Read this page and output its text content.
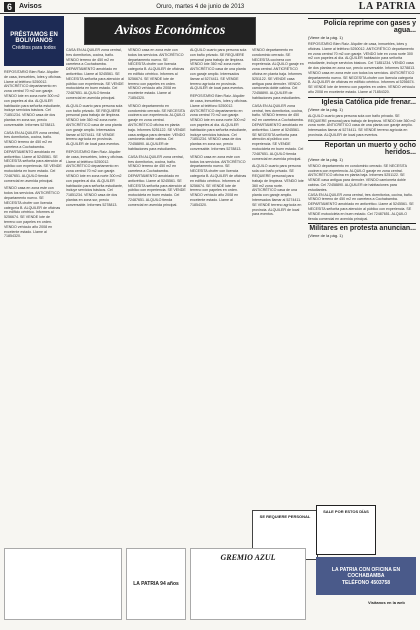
6	Avisos	Oruro, martes 4 de junio de 2013	LA PATRIA
PRÉSTAMOS EN BOLIVIANOS
Créditos para todos
Avisos Económicos

REPOSITARIO Bien Raíz. Alquiler de casa, inmuebles, lotes y oficinas. Llame al teléfono 5250012. ANTICRÉTICO departamento en zona central 70 m2 con garaje. VENDO lote en zona norte 300 m2 con papeles al día. ALQUILER habitación para señorita estudiante, incluye servicios básicos. Cel 71851234. VENDO casa de dos plantas en zona sur, precio conversable. Informes 5278813.

CASA EN ALQUILER zona central, tres dormitorios, cocina, baño. VENDO terreno de 450 m2 en carretera a Cochabamba. DEPARTAMENTO amoblado en anticrético. Llame al 5245561. SE NECESITA señorita para atención al público con experiencia. SE VENDE motocicleta en buen estado. Cel 72487651. ALQUILO tienda comercial en avenida principal.

VENDO casa en zona este con todos los servicios. ANTICRÉTICO departamento nuevo. SE NECESITA chofer con licencia categoría B. ALQUILER de oficinas en edificio céntrico. Informes al 5256674. SE VENDE lote de terreno con papeles en orden. VENDO vehículo año 2008 en excelente estado. Llame al 71854320.

CASA EN ALQUILER zona central, tres dormitorios, cocina, baño. VENDO terreno de 450 m2 en carretera a Cochabamba. DEPARTAMENTO amoblado en anticrético. Llame al 5245561. SE NECESITA señorita para atención al público con experiencia. SE VENDE motocicleta en buen estado. Cel 72487651. ALQUILO tienda comercial en avenida principal.

ALQUILO cuarto para persona sola con baño privado. SE REQUIERE personal para trabajo de limpieza. VENDO lote 360 m2 zona norte. ANTICRÉTICO casa de una planta con garaje amplio. Interesados llamar al 5274411. SE VENDE terreno agrícola en provincia. ALQUILER de local para eventos.

REPOSITARIO Bien Raíz. Alquiler de casa, inmuebles, lotes y oficinas. Llame al teléfono 5250012. ANTICRÉTICO departamento en zona central 70 m2 con garaje. VENDO lote en zona norte 300 m2 con papeles al día. ALQUILER habitación para señorita estudiante, incluye servicios básicos. Cel 71851234. VENDO casa de dos plantas en zona sur, precio conversable. Informes 5278813.

VENDO casa en zona este con todos los servicios. ANTICRÉTICO departamento nuevo. SE NECESITA chofer con licencia categoría B. ALQUILER de oficinas en edificio céntrico. Informes al 5256674. SE VENDE lote de terreno con papeles en orden. VENDO vehículo año 2008 en excelente estado. Llame al 71854320.

VENDO departamento en condominio cerrado. SE NECESITA cocinera con experiencia. ALQUILO garaje en zona central. ANTICRÉTICO oficina en planta baja. Informes 5251122. SE VENDE casa antigua para demoler. VENDO camioneta doble cabina. Cel 72458890. ALQUILER de habitaciones para estudiantes.

CASA EN ALQUILER zona central, tres dormitorios, cocina, baño. VENDO terreno de 450 m2 en carretera a Cochabamba. DEPARTAMENTO amoblado en anticrético. Llame al 5245561. SE NECESITA señorita para atención al público con experiencia. SE VENDE motocicleta en buen estado. Cel 72487651. ALQUILO tienda comercial en avenida principal.

ALQUILO cuarto para persona sola con baño privado. SE REQUIERE personal para trabajo de limpieza. VENDO lote 360 m2 zona norte. ANTICRÉTICO casa de una planta con garaje amplio. Interesados llamar al 5274411. SE VENDE terreno agrícola en provincia. ALQUILER de local para eventos.

REPOSITARIO Bien Raíz. Alquiler de casa, inmuebles, lotes y oficinas. Llame al teléfono 5250012. ANTICRÉTICO departamento en zona central 70 m2 con garaje. VENDO lote en zona norte 300 m2 con papeles al día. ALQUILER habitación para señorita estudiante, incluye servicios básicos. Cel 71851234. VENDO casa de dos plantas en zona sur, precio conversable. Informes 5278813.

VENDO casa en zona este con todos los servicios. ANTICRÉTICO departamento nuevo. SE NECESITA chofer con licencia categoría B. ALQUILER de oficinas en edificio céntrico. Informes al 5256674. SE VENDE lote de terreno con papeles en orden. VENDO vehículo año 2008 en excelente estado. Llame al 71854320.

VENDO departamento en condominio cerrado. SE NECESITA cocinera con experiencia. ALQUILO garaje en zona central. ANTICRÉTICO oficina en planta baja. Informes 5251122. SE VENDE casa antigua para demoler. VENDO camioneta doble cabina. Cel 72458890. ALQUILER de habitaciones para estudiantes.

CASA EN ALQUILER zona central, tres dormitorios, cocina, baño. VENDO terreno de 450 m2 en carretera a Cochabamba. DEPARTAMENTO amoblado en anticrético. Llame al 5245561. SE NECESITA señorita para atención al público con experiencia. SE VENDE motocicleta en buen estado. Cel 72487651. ALQUILO tienda comercial en avenida principal.

ALQUILO cuarto para persona sola con baño privado. SE REQUIERE personal para trabajo de limpieza. VENDO lote 360 m2 zona norte. ANTICRÉTICO casa de una planta con garaje amplio. Interesados llamar al 5274411. SE VENDE terreno agrícola en provincia. ALQUILER de local para eventos.

Policía reprime con gases y agua...
(Viene de la pág. 1)
REPOSITARIO Bien Raíz. Alquiler de casa, inmuebles, lotes y oficinas. Llame al teléfono 5250012. ANTICRÉTICO departamento en zona central 70 m2 con garaje. VENDO lote en zona norte 300 m2 con papeles al día. ALQUILER habitación para señorita estudiante, incluye servicios básicos. Cel 71851234. VENDO casa de dos plantas en zona sur, precio conversable. Informes 5278813.
VENDO casa en zona este con todos los servicios. ANTICRÉTICO departamento nuevo. SE NECESITA chofer con licencia categoría B. ALQUILER de oficinas en edificio céntrico. Informes al 5256674. SE VENDE lote de terreno con papeles en orden. VENDO vehículo año 2008 en excelente estado. Llame al 71854320.
Iglesia Católica pide frenar...
(Viene de la pág. 1)
ALQUILO cuarto para persona sola con baño privado. SE REQUIERE personal para trabajo de limpieza. VENDO lote 360 m2 zona norte. ANTICRÉTICO casa de una planta con garaje amplio. Interesados llamar al 5274411. SE VENDE terreno agrícola en provincia. ALQUILER de local para eventos.
Reportan un muerto y ocho heridos...
(Viene de la pág. 1)
VENDO departamento en condominio cerrado. SE NECESITA cocinera con experiencia. ALQUILO garaje en zona central. ANTICRÉTICO oficina en planta baja. Informes 5251122. SE VENDE casa antigua para demoler. VENDO camioneta doble cabina. Cel 72458890. ALQUILER de habitaciones para estudiantes.
CASA EN ALQUILER zona central, tres dormitorios, cocina, baño. VENDO terreno de 450 m2 en carretera a Cochabamba. DEPARTAMENTO amoblado en anticrético. Llame al 5245561. SE NECESITA señorita para atención al público con experiencia. SE VENDE motocicleta en buen estado. Cel 72487651. ALQUILO tienda comercial en avenida principal.
Militares en protesta anuncian...
(Viene de la pág. 1)
SE REQUIERE PERSONAL
SALE POR ESTOS DÍAS
LA PATRIA CON OFICINA EN COCHABAMBA
TELÉFONO 4503758
LA PATRIA 94 años
GREMIO AZUL
Visítanos en la web
